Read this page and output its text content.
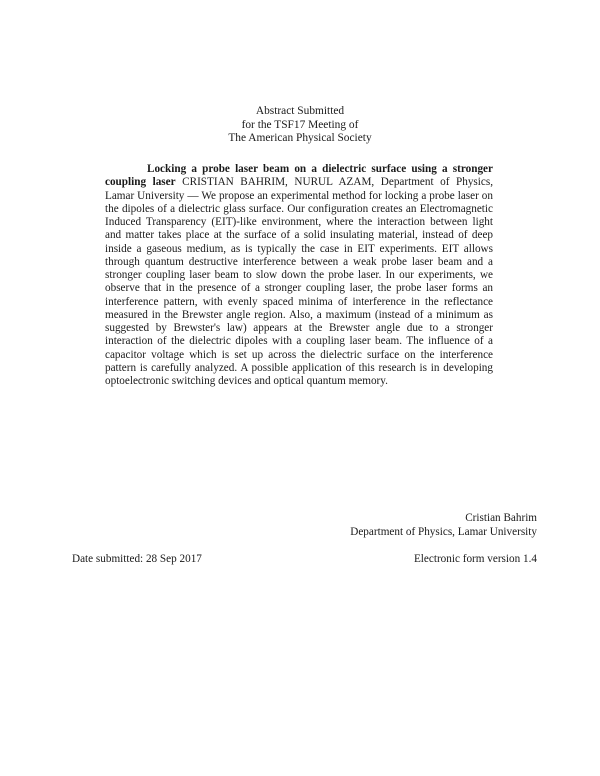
Abstract Submitted
for the TSF17 Meeting of
The American Physical Society
Locking a probe laser beam on a dielectric surface using a stronger coupling laser CRISTIAN BAHRIM, NURUL AZAM, Department of Physics, Lamar University — We propose an experimental method for locking a probe laser on the dipoles of a dielectric glass surface. Our configuration creates an Electromagnetic Induced Transparency (EIT)-like environment, where the interaction between light and matter takes place at the surface of a solid insulating material, instead of deep inside a gaseous medium, as is typically the case in EIT experiments. EIT allows through quantum destructive interference between a weak probe laser beam and a stronger coupling laser beam to slow down the probe laser. In our experiments, we observe that in the presence of a stronger coupling laser, the probe laser forms an interference pattern, with evenly spaced minima of interference in the reflectance measured in the Brewster angle region. Also, a maximum (instead of a minimum as suggested by Brewster's law) appears at the Brewster angle due to a stronger interaction of the dielectric dipoles with a coupling laser beam. The influence of a capacitor voltage which is set up across the dielectric surface on the interference pattern is carefully analyzed. A possible application of this research is in developing optoelectronic switching devices and optical quantum memory.
Cristian Bahrim
Department of Physics, Lamar University
Date submitted: 28 Sep 2017	Electronic form version 1.4
